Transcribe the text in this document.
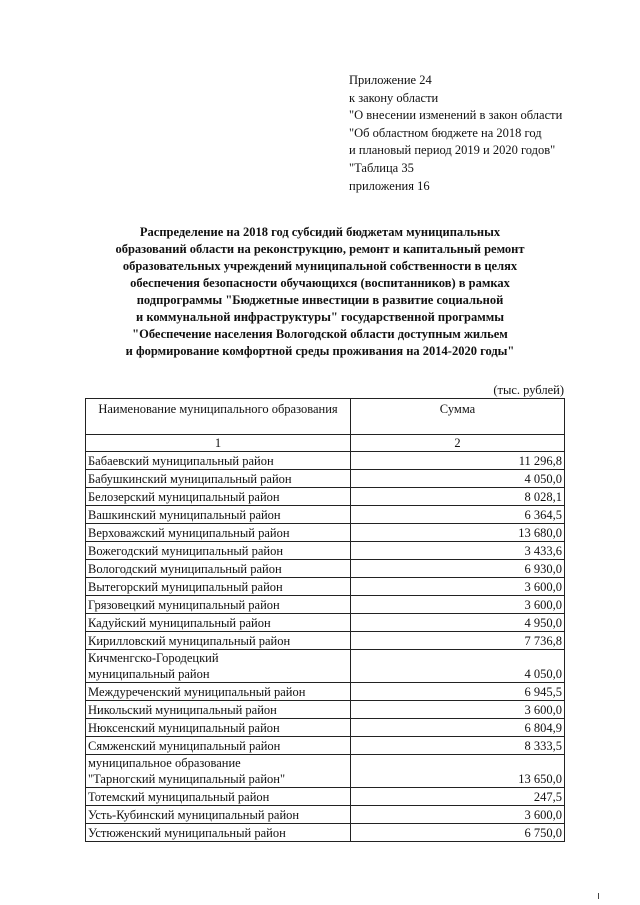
Приложение 24
к закону области
"О внесении изменений в закон области
"Об областном бюджете на 2018 год
и плановый период 2019 и 2020 годов"
"Таблица 35
приложения 16
Распределение на 2018 год субсидий бюджетам муниципальных
образований области на реконструкцию, ремонт и капитальный ремонт
образовательных учреждений муниципальной собственности в целях
обеспечения безопасности обучающихся (воспитанников) в рамках
подпрограммы "Бюджетные инвестиции в развитие социальной
и коммунальной инфраструктуры" государственной программы
"Обеспечение населения Вологодской области доступным жильем
и формирование комфортной среды проживания на 2014-2020 годы"
(тыс. рублей)
Наименование муниципального образования	Сумма
1	2

Бабаевский муниципальный район	11 296,8

Бабушкинский муниципальный район	4 050,0

Белозерский муниципальный район	8 028,1

Вашкинский муниципальный район	6 364,5

Верховажский муниципальный район	13 680,0

Вожегодский муниципальный район	3 433,6

Вологодский муниципальный район	6 930,0

Вытегорский муниципальный район	3 600,0

Грязовецкий муниципальный район	3 600,0

Кадуйский муниципальный район	4 950,0

Кирилловский муниципальный район	7 736,8

Кичменгско-Городецкий
муниципальный район	4 050,0

Междуреченский муниципальный район	6 945,5

Никольский муниципальный район	3 600,0

Нюксенский муниципальный район	6 804,9

Сямженский муниципальный район	8 333,5

муниципальное образование
"Тарногский муниципальный район"	13 650,0

Тотемский муниципальный район	247,5

Усть-Кубинский муниципальный район	3 600,0

Устюженский муниципальный район	6 750,0
